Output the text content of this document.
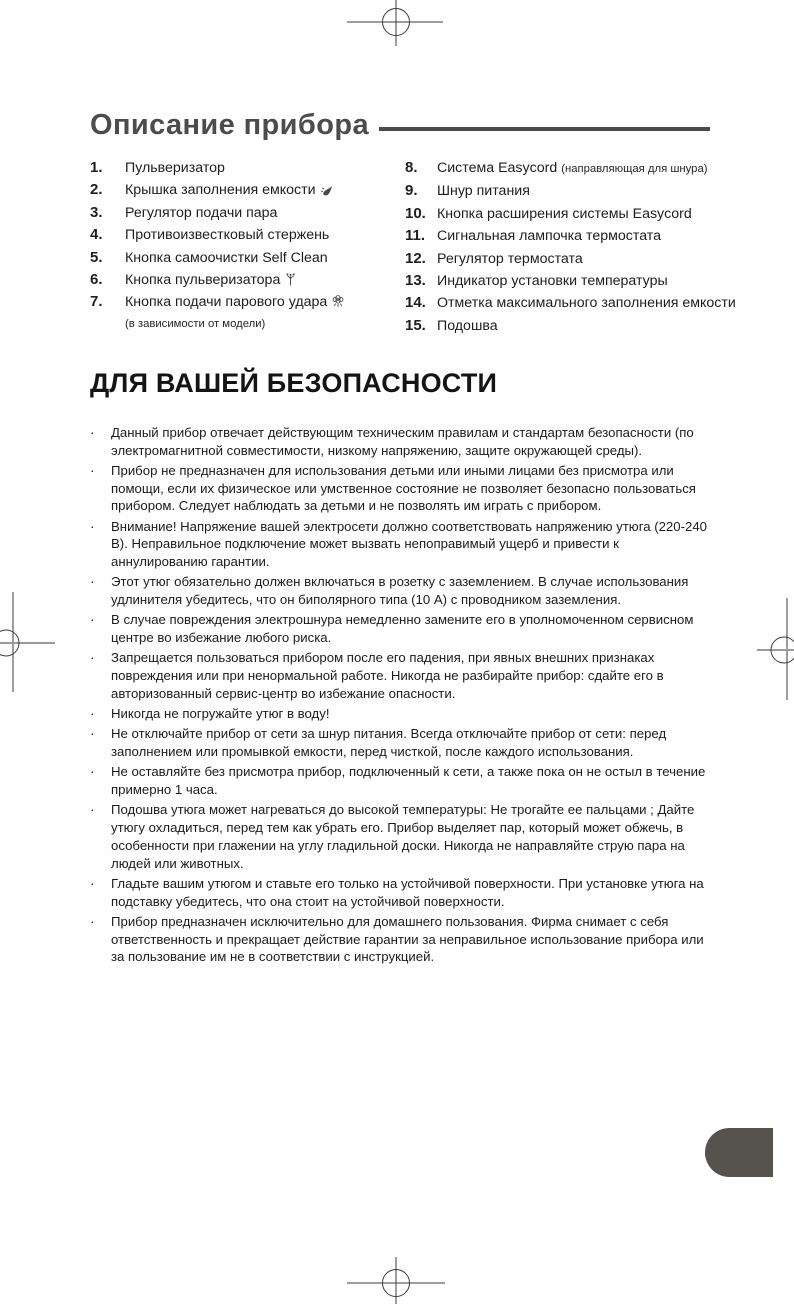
Описание прибора
1.	Пульверизатор
2.	Крышка заполнения емкости
3.	Регулятор подачи пара
4.	Противоизвестковый стержень
5.	Кнопка самоочистки Self Clean
6.	Кнопка пульверизатора
7.	Кнопка подачи парового удара
(в зависимости от модели)
8.	Система Easycord (направляющая для шнура)
9.	Шнур питания
10. Кнопка расширения системы Easycord
11. Сигнальная лампочка термостата
12. Регулятор термостата
13. Индикатор установки температуры
14. Отметка максимального заполнения емкости
15. Подошва
ДЛЯ ВАШЕЙ БЕЗОПАСНОСТИ
·	Данный прибор отвечает действующим техническим правилам и стандартам безопасности (по электромагнитной совместимости, низкому напряжению, защите окружающей среды).
·	Прибор не предназначен для использования детьми или иными лицами без присмотра или помощи, если их физическое или умственное состояние не позволяет безопасно пользоваться прибором. Следует наблюдать за детьми и не позволять им играть с прибором.
·	Внимание! Напряжение вашей электросети должно соответствовать напряжению утюга (220-240 В). Неправильное подключение может вызвать непоправимый ущерб и привести к аннулированию гарантии.
·	Этот утюг обязательно должен включаться в розетку с заземлением. В случае использования удлинителя убедитесь, что он биполярного типа (10 А) с проводником заземления.
·	В случае повреждения электрошнура немедленно замените его в уполномоченном сервисном центре во избежание любого риска.
·	Запрещается пользоваться прибором после его падения, при явных внешних признаках повреждения или при ненормальной работе. Никогда не разбирайте прибор: сдайте его в авторизованный сервис-центр во избежание опасности.
·	Никогда не погружайте утюг в воду!
·	Не отключайте прибор от сети за шнур питания. Всегда отключайте прибор от сети: перед заполнением или промывкой емкости, перед чисткой, после каждого использования.
·	Не оставляйте без присмотра прибор, подключенный к сети, а также пока он не остыл в течение примерно 1 часа.
·	Подошва утюга может нагреваться до высокой температуры: Не трогайте ее пальцами ; Дайте утюгу охладиться, перед тем как убрать его. Прибор выделяет пар, который может обжечь, в особенности при глажении на углу гладильной доски. Никогда не направляйте струю пара на людей или животных.
·	Гладьте вашим утюгом и ставьте его только на устойчивой поверхности. При установке утюга на подставку убедитесь, что она стоит на устойчивой поверхности.
·	Прибор предназначен исключительно для домашнего пользования. Фирма снимает с себя ответственность и прекращает действие гарантии за неправильное использование прибора или за пользование им не в соответствии с инструкцией.
